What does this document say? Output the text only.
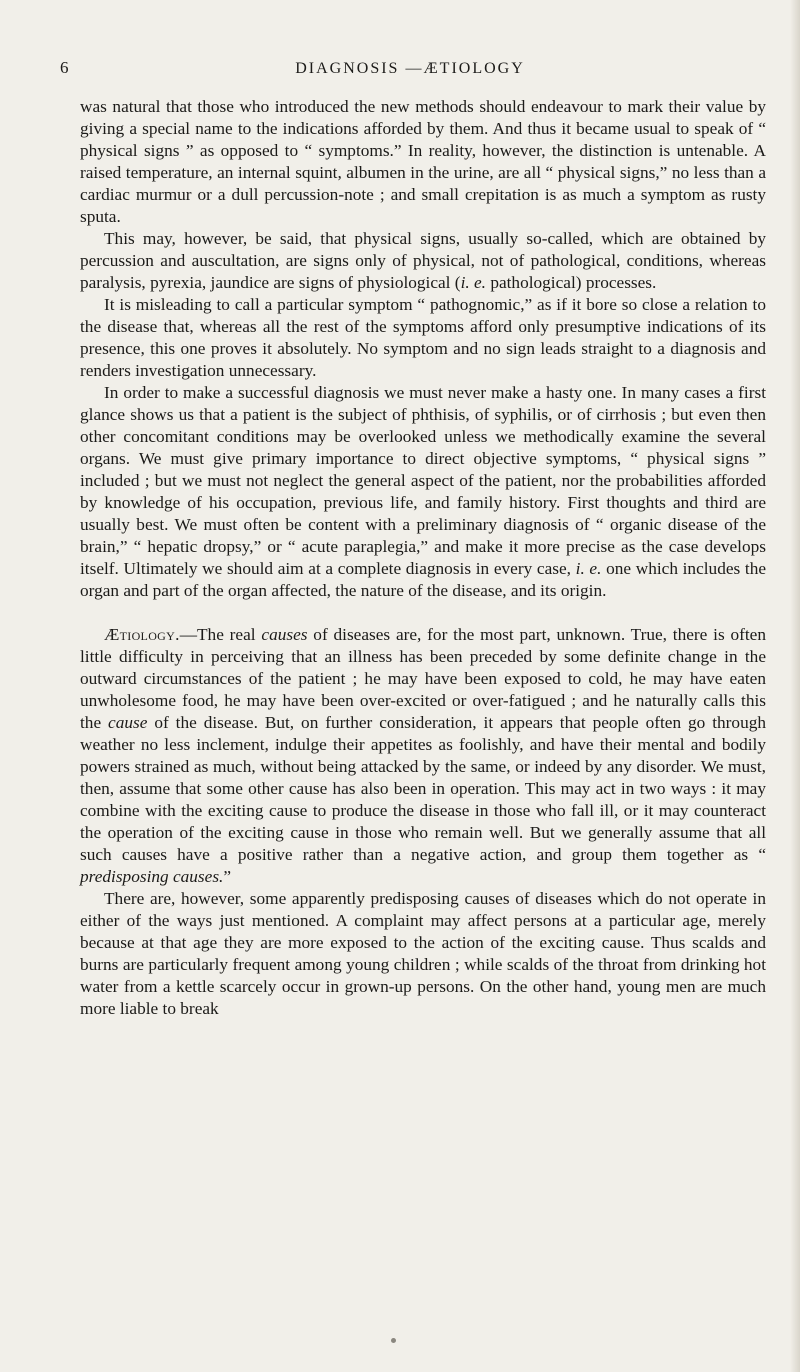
6	DIAGNOSIS —ÆTIOLOGY

was natural that those who introduced the new methods should endeavour to mark their value by giving a special name to the indications afforded by them. And thus it became usual to speak of “ physical signs ” as opposed to “ symptoms.” In reality, however, the distinction is untenable. A raised temperature, an internal squint, albumen in the urine, are all “ physical signs,” no less than a cardiac murmur or a dull percussion-note ; and small crepitation is as much a symptom as rusty sputa.

This may, however, be said, that physical signs, usually so-called, which are obtained by percussion and auscultation, are signs only of physical, not of pathological, conditions, whereas paralysis, pyrexia, jaundice are signs of physiological (i. e. pathological) processes.

It is misleading to call a particular symptom “ pathognomic,” as if it bore so close a relation to the disease that, whereas all the rest of the symptoms afford only presumptive indications of its presence, this one proves it absolutely. No symptom and no sign leads straight to a diagnosis and renders investigation unnecessary.

In order to make a successful diagnosis we must never make a hasty one. In many cases a first glance shows us that a patient is the subject of phthisis, of syphilis, or of cirrhosis ; but even then other concomitant conditions may be overlooked unless we methodically examine the several organs. We must give primary importance to direct objective symptoms, “ physical signs ” included ; but we must not neglect the general aspect of the patient, nor the probabilities afforded by knowledge of his occupation, previous life, and family history. First thoughts and third are usually best. We must often be content with a preliminary diagnosis of “ organic disease of the brain,” “ hepatic dropsy,” or “ acute paraplegia,” and make it more precise as the case develops itself. Ultimately we should aim at a complete diagnosis in every case, i. e. one which includes the organ and part of the organ affected, the nature of the disease, and its origin.

Ætiology.—The real causes of diseases are, for the most part, unknown. True, there is often little difficulty in perceiving that an illness has been preceded by some definite change in the outward circumstances of the patient ; he may have been exposed to cold, he may have eaten unwholesome food, he may have been over-excited or over-fatigued ; and he naturally calls this the cause of the disease. But, on further consideration, it appears that people often go through weather no less inclement, indulge their appetites as foolishly, and have their mental and bodily powers strained as much, without being attacked by the same, or indeed by any disorder. We must, then, assume that some other cause has also been in operation. This may act in two ways : it may combine with the exciting cause to produce the disease in those who fall ill, or it may counteract the operation of the exciting cause in those who remain well. But we generally assume that all such causes have a positive rather than a negative action, and group them together as “ predisposing causes.”

There are, however, some apparently predisposing causes of diseases which do not operate in either of the ways just mentioned. A complaint may affect persons at a particular age, merely because at that age they are more exposed to the action of the exciting cause. Thus scalds and burns are particularly frequent among young children ; while scalds of the throat from drinking hot water from a kettle scarcely occur in grown-up persons. On the other hand, young men are much more liable to break
